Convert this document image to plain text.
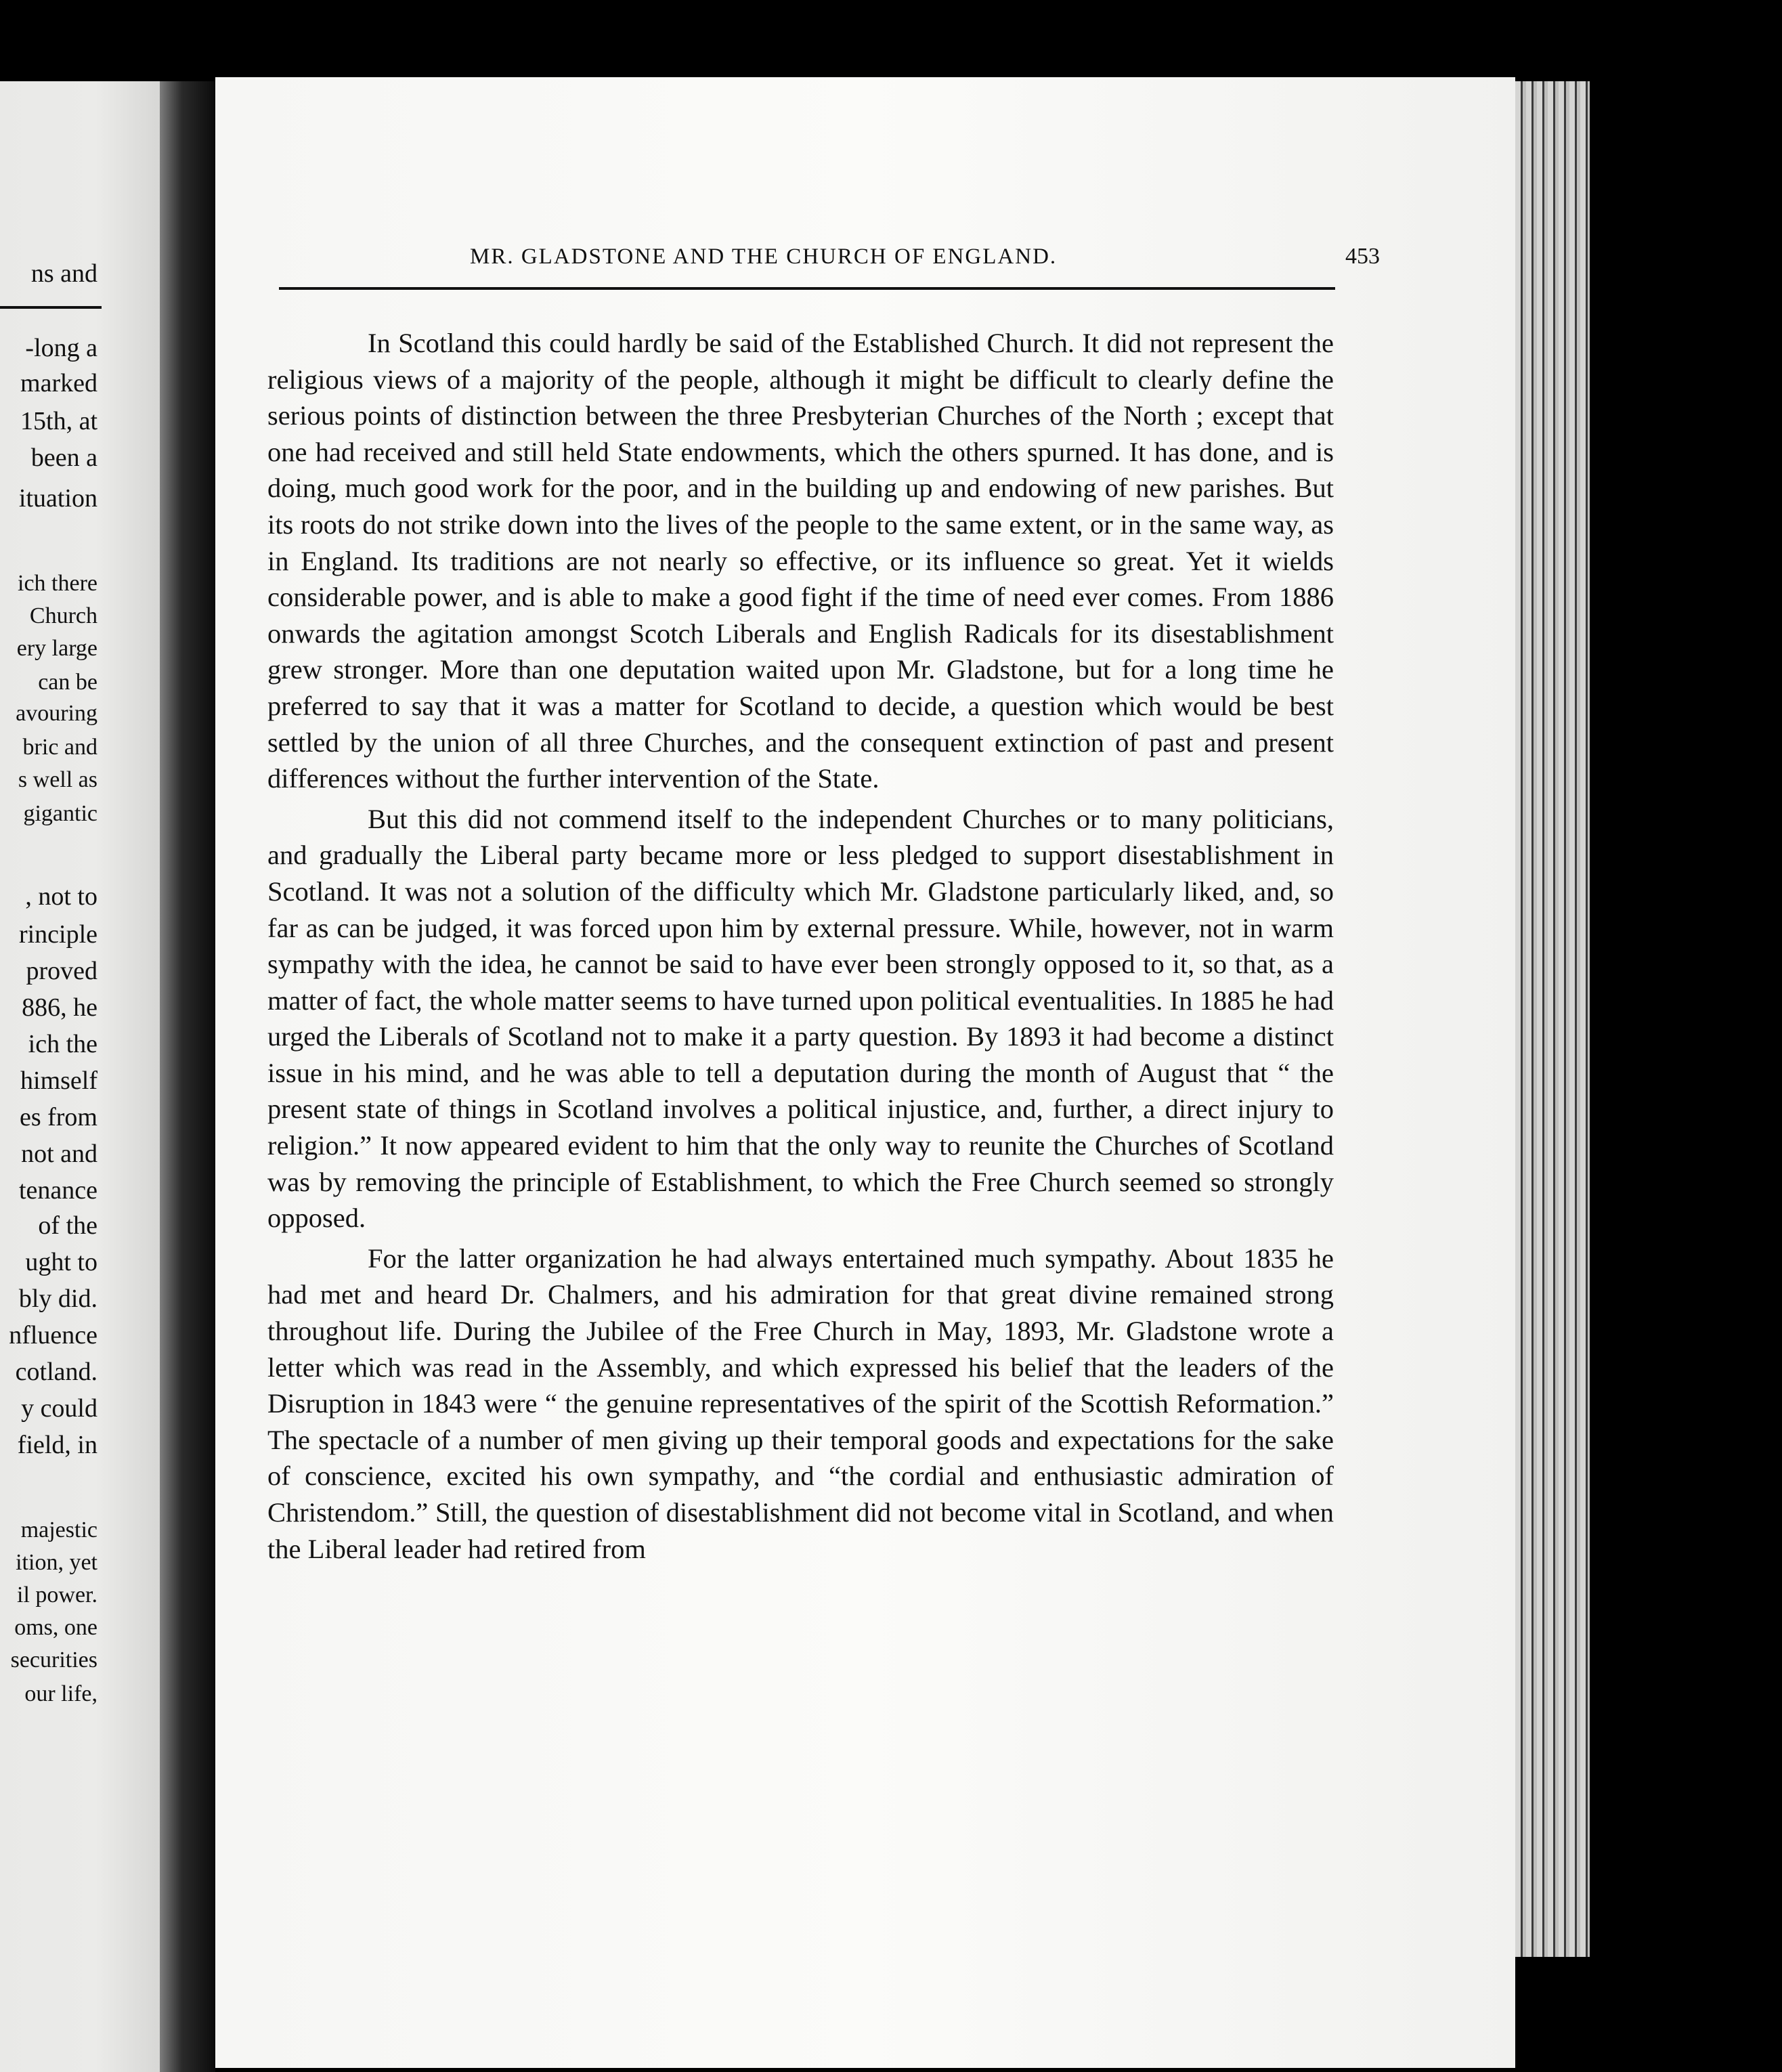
ns and
-long a
marked
15th, at
been a
ituation
ich there
Church
ery large
can be
avouring
bric and
s well as
gigantic
, not to
rinciple
proved
886, he
ich the
himself
es from
not and
tenance
of the
ught to
bly did.
nfluence
cotland.
y could
field, in
majestic
ition, yet
il power.
oms, one
securities
our life,
MR. GLADSTONE AND THE CHURCH OF ENGLAND.	453

In Scotland this could hardly be said of the Established Church. It did not represent the religious views of a majority of the people, although it might be difficult to clearly define the serious points of distinction between the three Presbyterian Churches of the North ; except that one had received and still held State endowments, which the others spurned. It has done, and is doing, much good work for the poor, and in the building up and endowing of new parishes. But its roots do not strike down into the lives of the people to the same extent, or in the same way, as in England. Its traditions are not nearly so effective, or its influence so great. Yet it wields considerable power, and is able to make a good fight if the time of need ever comes. From 1886 onwards the agitation amongst Scotch Liberals and English Radicals for its disestablishment grew stronger. More than one deputation waited upon Mr. Gladstone, but for a long time he preferred to say that it was a matter for Scotland to decide, a question which would be best settled by the union of all three Churches, and the consequent extinction of past and present differences without the further intervention of the State.

But this did not commend itself to the independent Churches or to many politicians, and gradually the Liberal party became more or less pledged to support disestablishment in Scotland. It was not a solution of the difficulty which Mr. Gladstone particularly liked, and, so far as can be judged, it was forced upon him by external pressure. While, however, not in warm sympathy with the idea, he cannot be said to have ever been strongly opposed to it, so that, as a matter of fact, the whole matter seems to have turned upon political eventualities. In 1885 he had urged the Liberals of Scotland not to make it a party question. By 1893 it had become a distinct issue in his mind, and he was able to tell a deputation during the month of August that “ the present state of things in Scotland involves a political injustice, and, further, a direct injury to religion.” It now appeared evident to him that the only way to reunite the Churches of Scotland was by removing the principle of Establishment, to which the Free Church seemed so strongly opposed.

For the latter organization he had always entertained much sympathy. About 1835 he had met and heard Dr. Chalmers, and his admiration for that great divine remained strong throughout life. During the Jubilee of the Free Church in May, 1893, Mr. Gladstone wrote a letter which was read in the Assembly, and which expressed his belief that the leaders of the Disruption in 1843 were “ the genuine representatives of the spirit of the Scottish Reformation.” The spectacle of a number of men giving up their temporal goods and expectations for the sake of conscience, excited his own sympathy, and “the cordial and enthusiastic admiration of Christendom.” Still, the question of disestablishment did not become vital in Scotland, and when the Liberal leader had retired from
